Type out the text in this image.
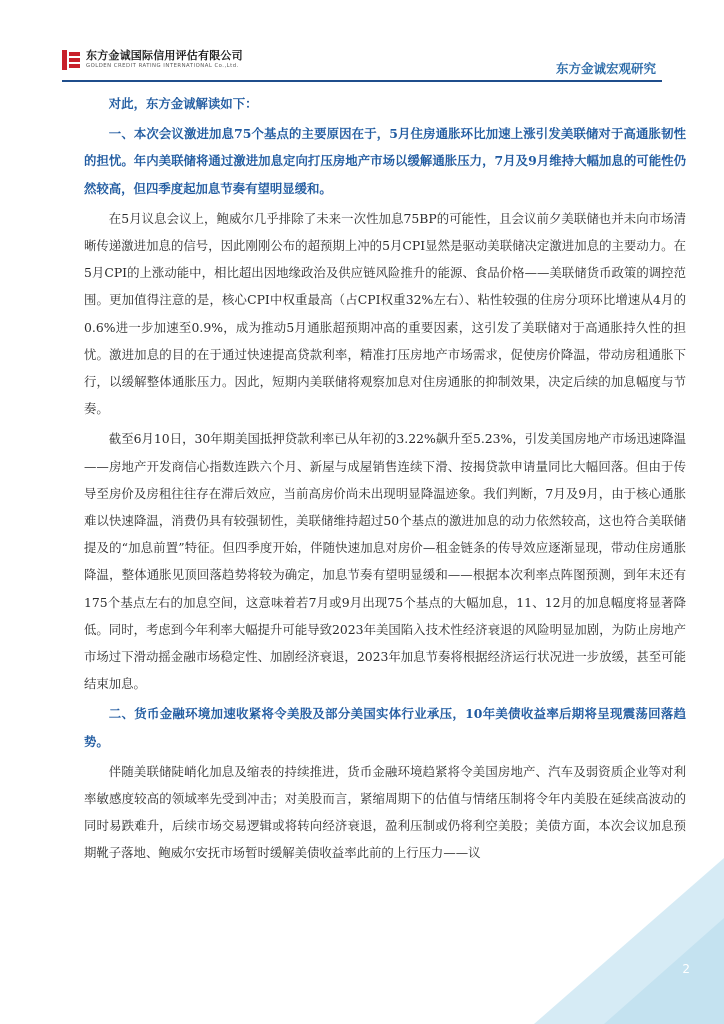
东方金诚国际信用评估有限公司
GOLDEN CREDIT RATING INTERNATIONAL Co.,Ltd.	东方金诚宏观研究

对此，东方金诚解读如下：

一、本次会议激进加息75个基点的主要原因在于，5月住房通胀环比加速上涨引发美联储对于高通胀韧性的担忧。年内美联储将通过激进加息定向打压房地产市场以缓解通胀压力，7月及9月维持大幅加息的可能性仍然较高，但四季度起加息节奏有望明显缓和。

在5月议息会议上，鲍威尔几乎排除了未来一次性加息75BP的可能性，且会议前夕美联储也并未向市场清晰传递激进加息的信号，因此刚刚公布的超预期上冲的5月CPI显然是驱动美联储决定激进加息的主要动力。在5月CPI的上涨动能中，相比超出因地缘政治及供应链风险推升的能源、食品价格——美联储货币政策的调控范围。更加值得注意的是，核心CPI中权重最高（占CPI权重32%左右）、粘性较强的住房分项环比增速从4月的0.6%进一步加速至0.9%，成为推动5月通胀超预期冲高的重要因素，这引发了美联储对于高通胀持久性的担忧。激进加息的目的在于通过快速提高贷款利率，精准打压房地产市场需求，促使房价降温，带动房租通胀下行，以缓解整体通胀压力。因此，短期内美联储将观察加息对住房通胀的抑制效果，决定后续的加息幅度与节奏。

截至6月10日，30年期美国抵押贷款利率已从年初的3.22%飙升至5.23%，引发美国房地产市场迅速降温——房地产开发商信心指数连跌六个月、新屋与成屋销售连续下滑、按揭贷款申请量同比大幅回落。但由于传导至房价及房租往往存在滞后效应，当前高房价尚未出现明显降温迹象。我们判断，7月及9月，由于核心通胀难以快速降温，消费仍具有较强韧性，美联储维持超过50个基点的激进加息的动力依然较高，这也符合美联储提及的“加息前置”特征。但四季度开始，伴随快速加息对房价—租金链条的传导效应逐渐显现，带动住房通胀降温，整体通胀见顶回落趋势将较为确定，加息节奏有望明显缓和——根据本次利率点阵图预测，到年末还有175个基点左右的加息空间，这意味着若7月或9月出现75个基点的大幅加息，11、12月的加息幅度将显著降低。同时，考虑到今年利率大幅提升可能导致2023年美国陷入技术性经济衰退的风险明显加剧，为防止房地产市场过下滑动摇金融市场稳定性、加剧经济衰退，2023年加息节奏将根据经济运行状况进一步放缓，甚至可能结束加息。

二、货币金融环境加速收紧将令美股及部分美国实体行业承压，10年美债收益率后期将呈现震荡回落趋势。

伴随美联储陡峭化加息及缩表的持续推进，货币金融环境趋紧将令美国房地产、汽车及弱资质企业等对利率敏感度较高的领域率先受到冲击；对美股而言，紧缩周期下的估值与情绪压制将令年内美股在延续高波动的同时易跌难升，后续市场交易逻辑或将转向经济衰退，盈利压制或仍将利空美股；美债方面，本次会议加息预期靴子落地、鲍威尔安抚市场暂时缓解美债收益率此前的上行压力——议

2
